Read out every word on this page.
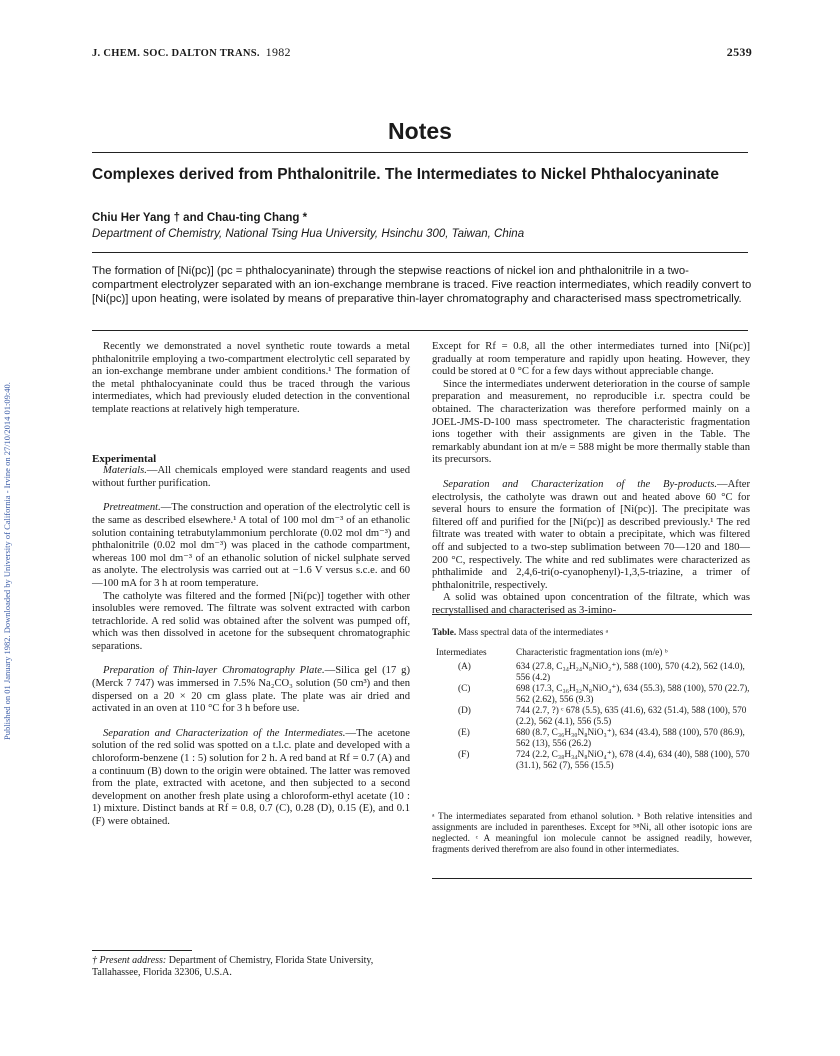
Published on 01 January 1982. Downloaded by University of California - Irvine on 27/10/2014 01:09:40.
J. CHEM. SOC. DALTON TRANS. 1982	2539
Notes
Complexes derived from Phthalonitrile. The Intermediates to Nickel Phthalocyaninate
Chiu Her Yang † and Chau-ting Chang *
Department of Chemistry, National Tsing Hua University, Hsinchu 300, Taiwan, China
The formation of [Ni(pc)] (pc = phthalocyaninate) through the stepwise reactions of nickel ion and phthalonitrile in a two-compartment electrolyzer separated with an ion-exchange membrane is traced. Five reaction intermediates, which readily convert to [Ni(pc)] upon heating, were isolated by means of preparative thin-layer chromatography and characterised mass spectrometrically.

Recently we demonstrated a novel synthetic route towards a metal phthalonitrile employing a two-compartment electrolytic cell separated by an ion-exchange membrane under ambient conditions.¹ The formation of the metal phthalocyaninate could thus be traced through the various intermediates, which had previously eluded detection in the conventional template reactions at relatively high temperature.

Experimental

Materials.—All chemicals employed were standard reagents and used without further purification.

Pretreatment.—The construction and operation of the electrolytic cell is the same as described elsewhere.¹ A total of 100 mol dm⁻³ of an ethanolic solution containing tetrabutylammonium perchlorate (0.02 mol dm⁻³) and phthalonitrile (0.02 mol dm⁻³) was placed in the cathode compartment, whereas 100 mol dm⁻³ of an ethanolic solution of nickel sulphate served as anolyte. The electrolysis was carried out at −1.6 V versus s.c.e. and 60—100 mA for 3 h at room temperature.

The catholyte was filtered and the formed [Ni(pc)] together with other insolubles were removed. The filtrate was solvent extracted with carbon tetrachloride. A red solid was obtained after the solvent was pumped off, which was then dissolved in acetone for the subsequent chromatographic separations.

Preparation of Thin-layer Chromatography Plate.—Silica gel (17 g) (Merck 7 747) was immersed in 7.5% Na₂CO₃ solution (50 cm³) and then dispersed on a 20 × 20 cm glass plate. The plate was air dried and activated in an oven at 110 °C for 3 h before use.

Separation and Characterization of the Intermediates.—The acetone solution of the red solid was spotted on a t.l.c. plate and developed with a chloroform-benzene (1 : 5) solution for 2 h. A red band at Rf = 0.7 (A) and a continuum (B) down to the origin were obtained. The latter was removed from the plate, extracted with acetone, and then subjected to a second development on another fresh plate using a chloroform-ethyl acetate (10 : 1) mixture. Distinct bands at Rf = 0.8, 0.7 (C), 0.28 (D), 0.15 (E), and 0.1 (F) were obtained.

† Present address: Department of Chemistry, Florida State University, Tallahassee, Florida 32306, U.S.A.

Except for Rf = 0.8, all the other intermediates turned into [Ni(pc)] gradually at room temperature and rapidly upon heating. However, they could be stored at 0 °C for a few days without appreciable change.

Since the intermediates underwent deterioration in the course of sample preparation and measurement, no reproducible i.r. spectra could be obtained. The characterization was therefore performed mainly on a JOEL-JMS-D-100 mass spectrometer. The characteristic fragmentation ions together with their assignments are given in the Table. The remarkably abundant ion at m/e = 588 might be more thermally stable than its precursors.

Separation and Characterization of the By-products.—After electrolysis, the catholyte was drawn out and heated above 60 °C for several hours to ensure the formation of [Ni(pc)]. The precipitate was filtered off and purified for the [Ni(pc)] as described previously.¹ The red filtrate was treated with water to obtain a precipitate, which was filtered off and subjected to a two-step sublimation between 70—120 and 180—200 °C, respectively. The white and red sublimates were characterized as phthalimide and 2,4,6-tri(o-cyanophenyl)-1,3,5-triazine, a trimer of phthalonitrile, respectively.

A solid was obtained upon concentration of the filtrate, which was recrystallised and characterised as 3-imino-

Table. Mass spectral data of the intermediates ᵃ
Intermediates	Characteristic fragmentation ions (m/e) ᵇ
(A)	634 (27.8, C₃₄H₂₄N₈NiO₂⁺), 588 (100), 570 (4.2), 562 (14.0), 556 (4.2)
(C)	698 (17.3, C₃₆H₃₂N₈NiO₄⁺), 634 (55.3), 588 (100), 570 (22.7), 562 (2.62), 556 (9.3)
(D)	744 (2.7, ?) ᶜ 678 (5.5), 635 (41.6), 632 (51.4), 588 (100), 570 (2.2), 562 (4.1), 556 (5.5)
(E)	680 (8.7, C₃₆H₃₀N₈NiO₃⁺), 634 (43.4), 588 (100), 570 (86.9), 562 (13), 556 (26.2)
(F)	724 (2.2, C₃₈H₃₄N₈NiO₄⁺), 678 (4.4), 634 (40), 588 (100), 570 (31.1), 562 (7), 556 (15.5)
ᵃ The intermediates separated from ethanol solution. ᵇ Both relative intensities and assignments are included in parentheses. Except for ⁵⁸Ni, all other isotopic ions are neglected. ᶜ A meaningful ion molecule cannot be assigned readily, however, fragments derived therefrom are also found in other intermediates.
